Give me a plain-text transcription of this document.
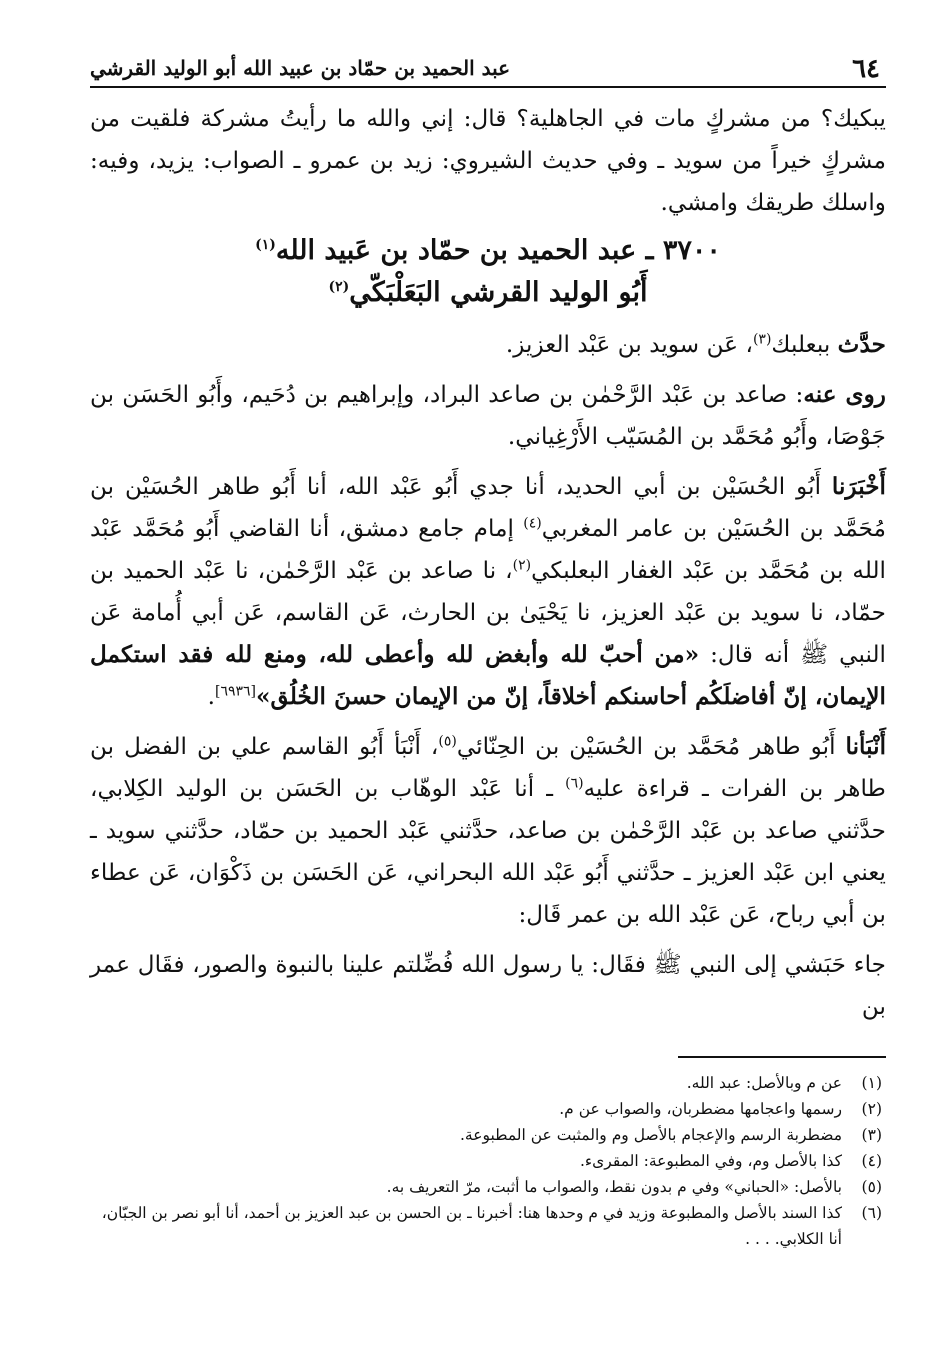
٦٤
عبد الحميد بن حمّاد بن عبيد الله أبو الوليد القرشي

يبكيك؟ من مشركٍ مات في الجاهلية؟ قال: إني والله ما رأيتُ مشركة فلقيت من مشركٍ خيراً من سويد ـ وفي حديث الشيروي: زيد بن عمرو ـ الصواب: يزيد، وفيه: واسلك طريقك وامشي.

٣٧٠٠ ـ عبد الحميد بن حمّاد بن عَبيد الله$^{(١)}$
أَبُو الوليد القرشي البَعَلْبَكّي$^{(٢)}$

حدَّث ببعلبك$^{(٣)}$، عَن سويد بن عَبْد العزيز.

روى عنه: صاعد بن عَبْد الرَّحْمٰن بن صاعد البراد، وإبراهيم بن دُحَيم، وأَبُو الحَسَن بن جَوْصَا، وأَبُو مُحَمَّد بن المُسَيّب الأَرْغِياني.

أَخْبَرَنا أَبُو الحُسَيْن بن أبي الحديد، أنا جدي أَبُو عَبْد الله، أنا أَبُو طاهر الحُسَيْن بن مُحَمَّد بن الحُسَيْن بن عامر المغربي$^{(٤)}$ إمام جامع دمشق، أنا القاضي أَبُو مُحَمَّد عَبْد الله بن مُحَمَّد بن عَبْد الغفار البعلبكي$^{(٢)}$، نا صاعد بن عَبْد الرَّحْمٰن، نا عَبْد الحميد بن حمّاد، نا سويد بن عَبْد العزيز، نا يَحْيَىٰ بن الحارث، عَن القاسم، عَن أبي أُمامة عَن النبي ﷺ أنه قال: «من أحبّ لله وأبغض لله وأعطى لله، ومنع لله فقد استكمل الإيمان، إنّ أفاضلَكُم أحاسنكم أخلاقاً، إنّ من الإيمان حسنَ الخُلُق»[٦٩٣٦].

أَنْبَأنا أَبُو طاهر مُحَمَّد بن الحُسَيْن بن الحِنّائي$^{(٥)}$، أَنْبَأ أَبُو القاسم علي بن الفضل بن طاهر بن الفرات ـ قراءة عليه$^{(٦)}$ ـ أنا عَبْد الوهّاب بن الحَسَن بن الوليد الكِلابي، حدَّثني صاعد بن عَبْد الرَّحْمٰن بن صاعد، حدَّثني عَبْد الحميد بن حمّاد، حدَّثني سويد ـ يعني ابن عَبْد العزيز ـ حدَّثني أَبُو عَبْد الله البحراني، عَن الحَسَن بن ذَكْوَان، عَن عطاء بن أبي رباح، عَن عَبْد الله بن عمر قَال:

جاء حَبَشي إلى النبي ﷺ فقَال: يا رسول الله فُضِّلتم علينا بالنبوة والصور، فقَال عمر بن

(١)
عن م وبالأصل: عبد الله.
(٢)
رسمها واعجامها مضطربان، والصواب عن م.
(٣)
مضطربة الرسم والإعجام بالأصل وم والمثبت عن المطبوعة.
(٤)
كذا بالأصل وم، وفي المطبوعة: المقرىء.
(٥)
بالأصل: «الحباني» وفي م بدون نقط، والصواب ما أثبت، مرّ التعريف به.
(٦)
كذا السند بالأصل والمطبوعة وزيد في م وحدها هنا: أخبرنا ـ بن الحسن بن عبد العزيز بن أحمد، أنا أبو نصر بن الجبّان، أنا الكلابي. . . .
